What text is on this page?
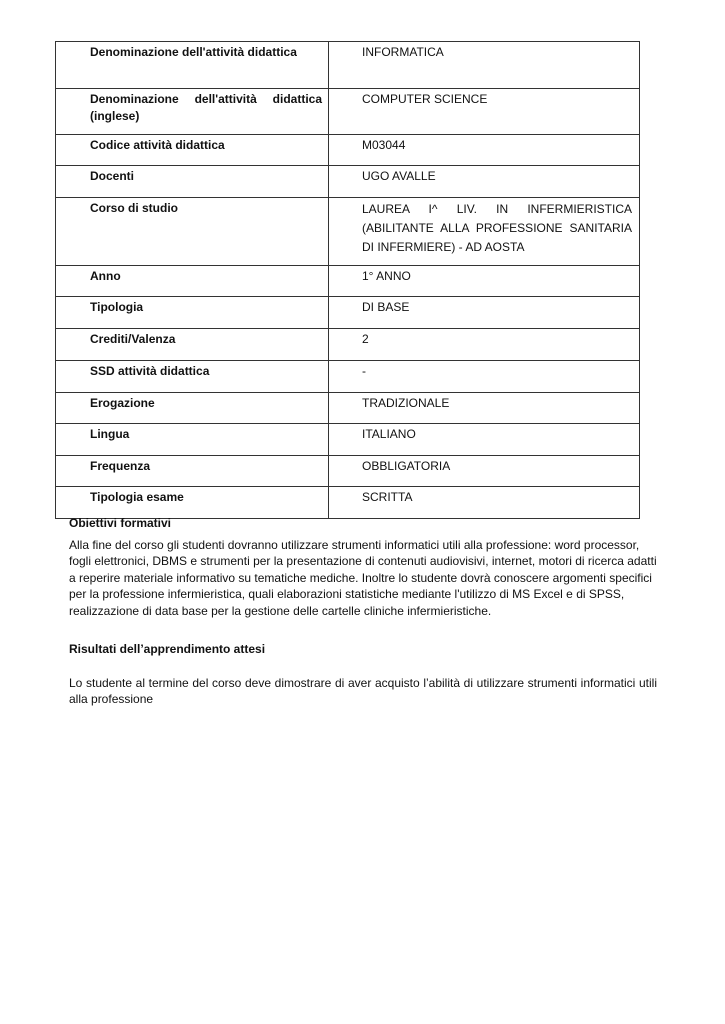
Denominazione dell'attività didattica	INFORMATICA
Denominazione dell'attività didattica (inglese)	COMPUTER SCIENCE
Codice attività didattica	M03044
Docenti	UGO AVALLE
Corso di studio	LAUREA I^ LIV. IN INFERMIERISTICA (ABILITANTE ALLA PROFESSIONE SANITARIA DI INFERMIERE) - AD AOSTA
Anno	1° ANNO
Tipologia	DI BASE
Crediti/Valenza	2
SSD attività didattica	-
Erogazione	TRADIZIONALE
Lingua	ITALIANO
Frequenza	OBBLIGATORIA
Tipologia esame	SCRITTA
Obiettivi formativi
Alla fine del corso gli studenti dovranno utilizzare strumenti informatici utili alla professione: word processor, fogli elettronici, DBMS e strumenti per la presentazione di contenuti audiovisivi, internet, motori di ricerca adatti a reperire materiale informativo su tematiche mediche. Inoltre lo studente dovrà conoscere argomenti specifici per la professione infermieristica, quali elaborazioni statistiche mediante l'utilizzo di MS Excel e di SPSS, realizzazione di data base per la gestione delle cartelle cliniche infermieristiche.
Risultati dell’apprendimento attesi
Lo studente al termine del corso deve dimostrare di aver acquisto l’abilità di utilizzare strumenti informatici utili alla professione
